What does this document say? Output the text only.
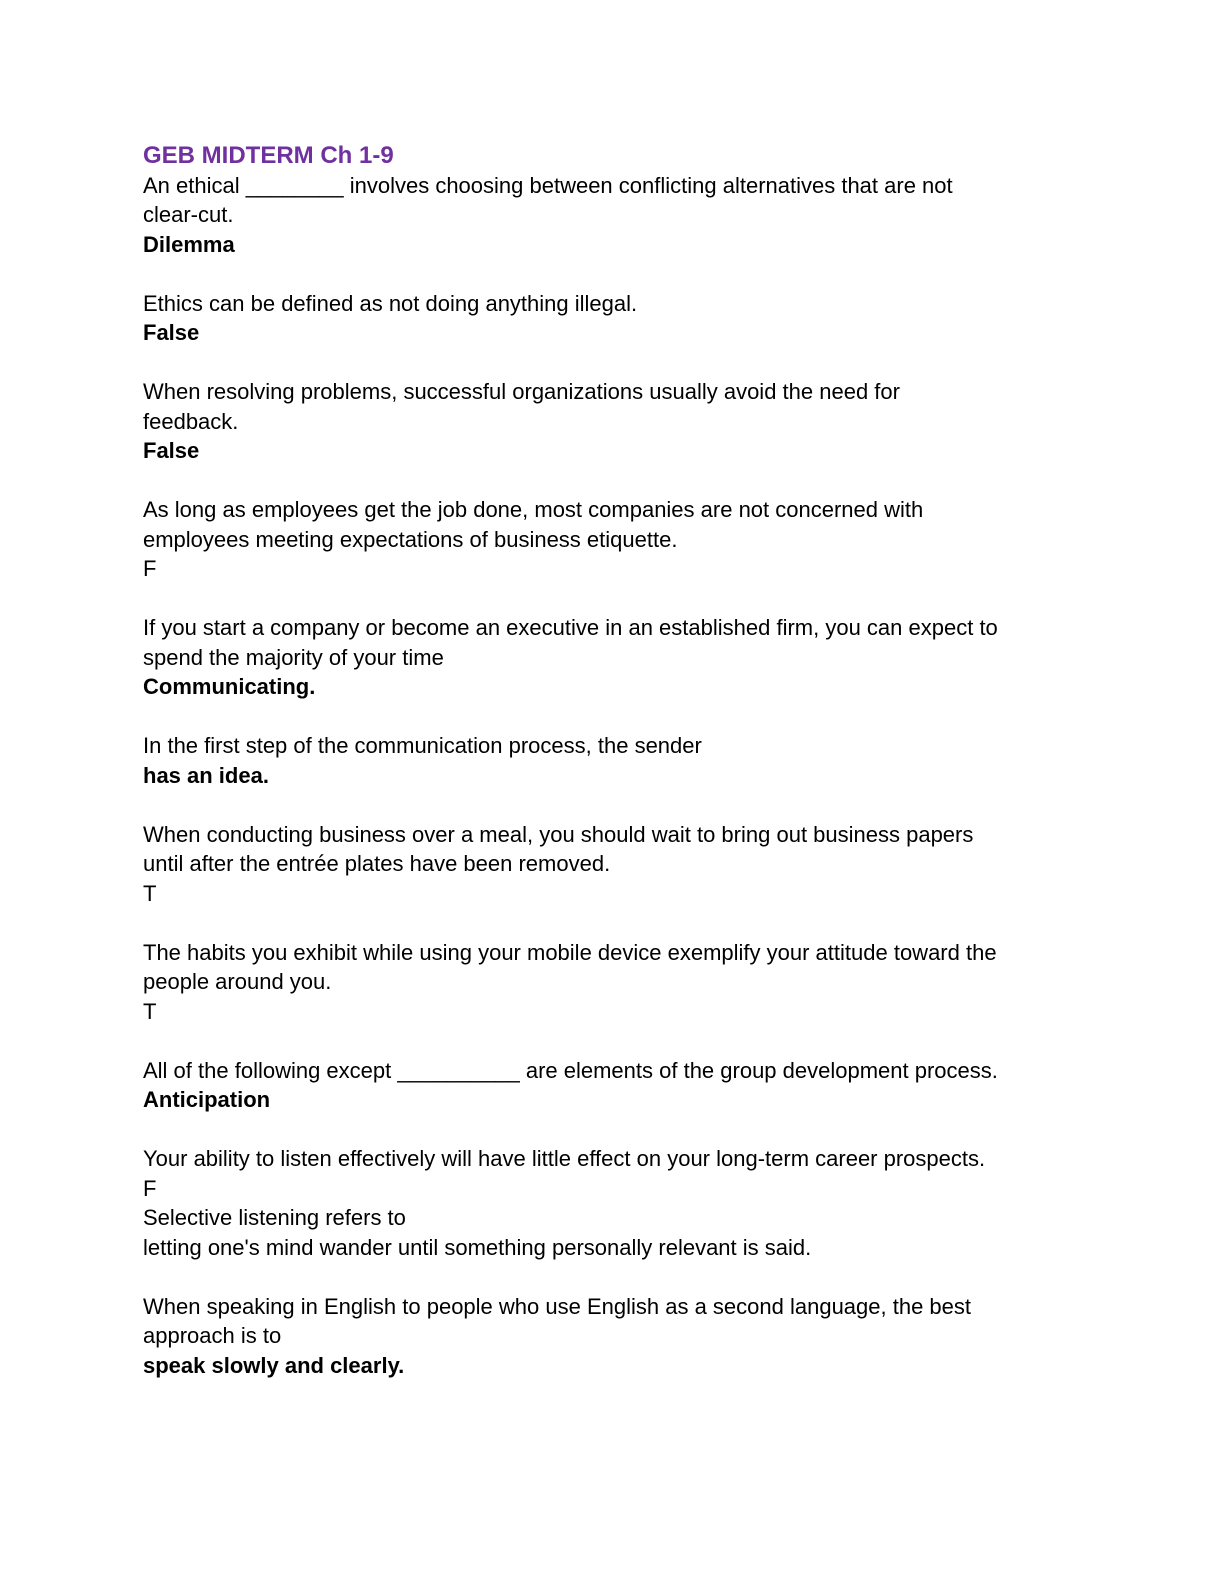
GEB MIDTERM Ch 1-9
An ethical ________ involves choosing between conflicting alternatives that are not
clear-cut.
Dilemma

Ethics can be defined as not doing anything illegal.
False

When resolving problems, successful organizations usually avoid the need for
feedback.
False

As long as employees get the job done, most companies are not concerned with
employees meeting expectations of business etiquette.
F

If you start a company or become an executive in an established firm, you can expect to
spend the majority of your time
Communicating.

In the first step of the communication process, the sender
has an idea.

When conducting business over a meal, you should wait to bring out business papers
until after the entrée plates have been removed.
T

The habits you exhibit while using your mobile device exemplify your attitude toward the
people around you.
T

All of the following except __________ are elements of the group development process.
Anticipation

Your ability to listen effectively will have little effect on your long-term career prospects.
F
Selective listening refers to
letting one's mind wander until something personally relevant is said.

When speaking in English to people who use English as a second language, the best
approach is to
speak slowly and clearly.
